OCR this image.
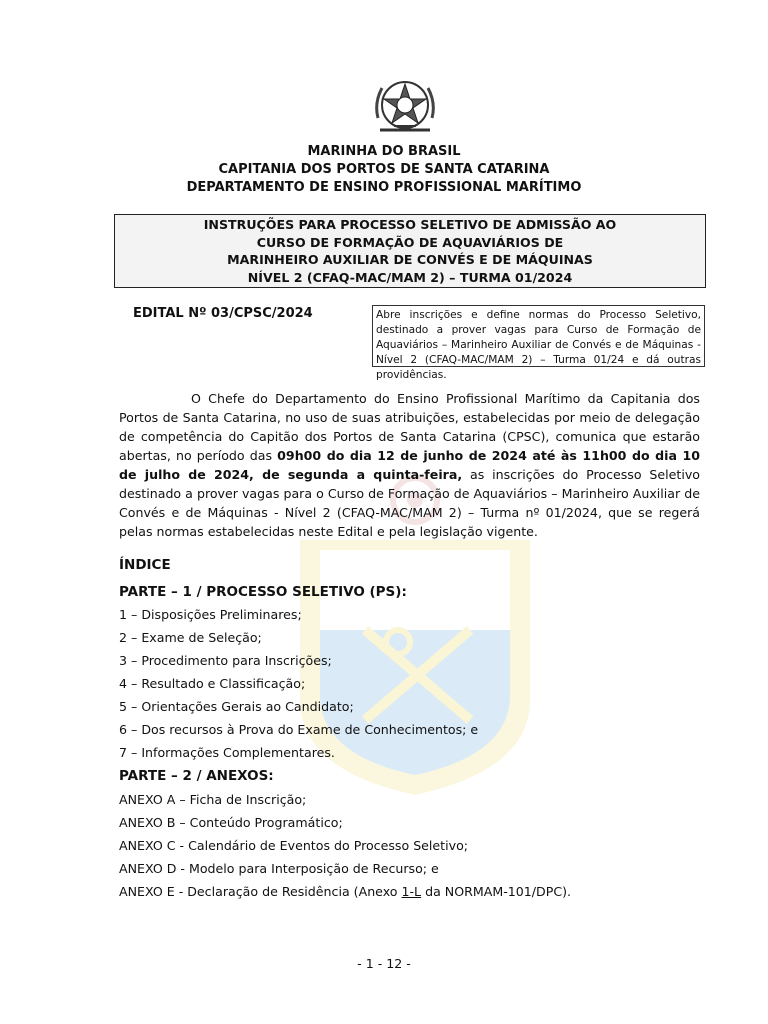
MARINHA DO BRASIL
CAPITANIA DOS PORTOS DE SANTA CATARINA
DEPARTAMENTO DE ENSINO PROFISSIONAL MARÍTIMO
INSTRUÇÕES PARA PROCESSO SELETIVO DE ADMISSÃO AO
CURSO DE FORMAÇÃO DE AQUAVIÁRIOS DE
MARINHEIRO AUXILIAR DE CONVÉS E DE MÁQUINAS
NÍVEL 2 (CFAQ-MAC/MAM 2) – TURMA 01/2024
EDITAL Nº 03/CPSC/2024	Abre inscrições e define normas do Processo Seletivo, destinado a prover vagas para Curso de Formação de Aquaviários – Marinheiro Auxiliar de Convés e de Máquinas - Nível 2 (CFAQ-MAC/MAM 2) – Turma 01/24 e dá outras providências.
O Chefe do Departamento do Ensino Profissional Marítimo da Capitania dos Portos de Santa Catarina, no uso de suas atribuições, estabelecidas por meio de delegação de competência do Capitão dos Portos de Santa Catarina (CPSC), comunica que estarão abertas, no período das 09h00 do dia 12 de junho de 2024 até às 11h00 do dia 10 de julho de 2024, de segunda a quinta-feira, as inscrições do Processo Seletivo destinado a prover vagas para o Curso de Formação de Aquaviários – Marinheiro Auxiliar de Convés e de Máquinas - Nível 2 (CFAQ-MAC/MAM 2) – Turma nº 01/2024, que se regerá pelas normas estabelecidas neste Edital e pela legislação vigente.
ÍNDICE
PARTE – 1 / PROCESSO SELETIVO (PS):
1 – Disposições Preliminares;
2 – Exame de Seleção;
3 – Procedimento para Inscrições;
4 – Resultado e Classificação;
5 – Orientações Gerais ao Candidato;
6 – Dos recursos à Prova do Exame de Conhecimentos; e
7 – Informações Complementares.
PARTE – 2 / ANEXOS:
ANEXO A – Ficha de Inscrição;
ANEXO B – Conteúdo Programático;
ANEXO C - Calendário de Eventos do Processo Seletivo;
ANEXO D - Modelo para Interposição de Recurso; e
ANEXO E - Declaração de Residência (Anexo 1-L da NORMAM-101/DPC).
- 1 - 12 -
